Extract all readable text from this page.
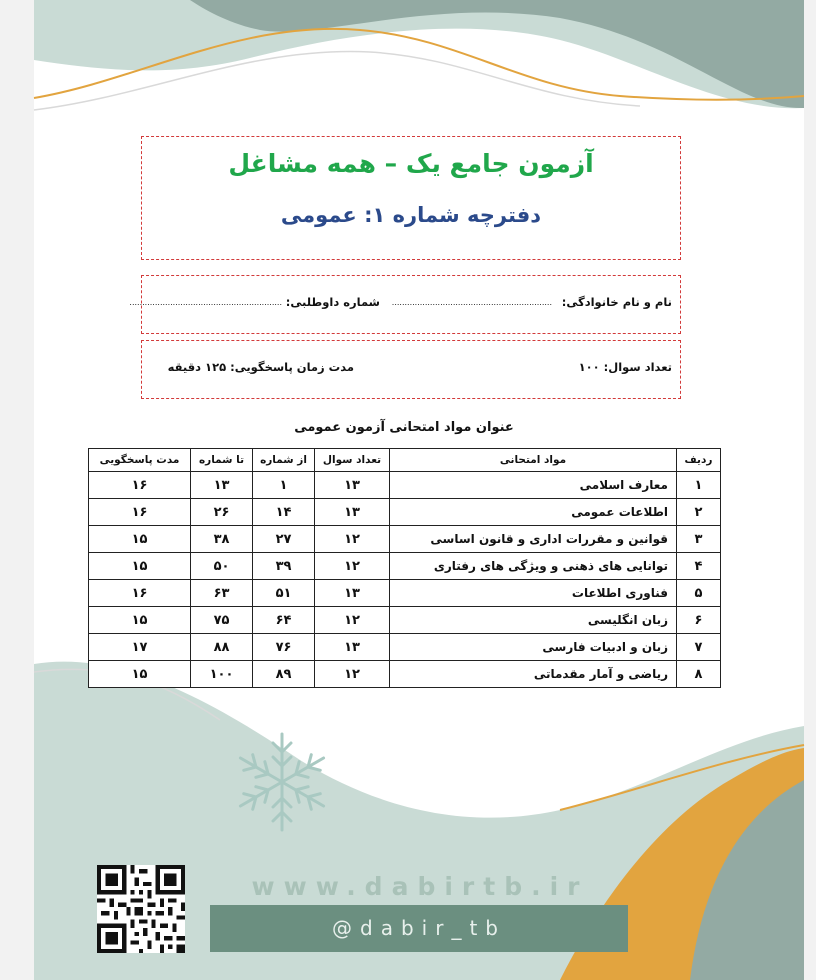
آزمون جامع یک – همه مشاغل
دفترچه شماره ۱: عمومی
نام و نام خانوادگی:
...............................................................
شماره داوطلبی:
............................................................
تعداد سوال: ۱۰۰
مدت زمان پاسخگویی: ۱۲۵ دقیقه
عنوان مواد امتحانی آزمون عمومی
ردیف	مواد امتحانی	تعداد سوال	از شماره	تا شماره	مدت پاسخگویی
۱	معارف اسلامی	۱۳	۱	۱۳	۱۶
۲	اطلاعات عمومی	۱۳	۱۴	۲۶	۱۶
۳	قوانین و مقررات اداری و قانون اساسی	۱۲	۲۷	۳۸	۱۵
۴	توانایی های ذهنی و ویژگی های رفتاری	۱۲	۳۹	۵۰	۱۵
۵	فناوری اطلاعات	۱۳	۵۱	۶۳	۱۶
۶	زبان انگلیسی	۱۲	۶۴	۷۵	۱۵
۷	زبان و ادبیات فارسی	۱۳	۷۶	۸۸	۱۷
۸	ریاضی و آمار مقدماتی	۱۲	۸۹	۱۰۰	۱۵
www.dabirtb.ir
@dabir_tb
